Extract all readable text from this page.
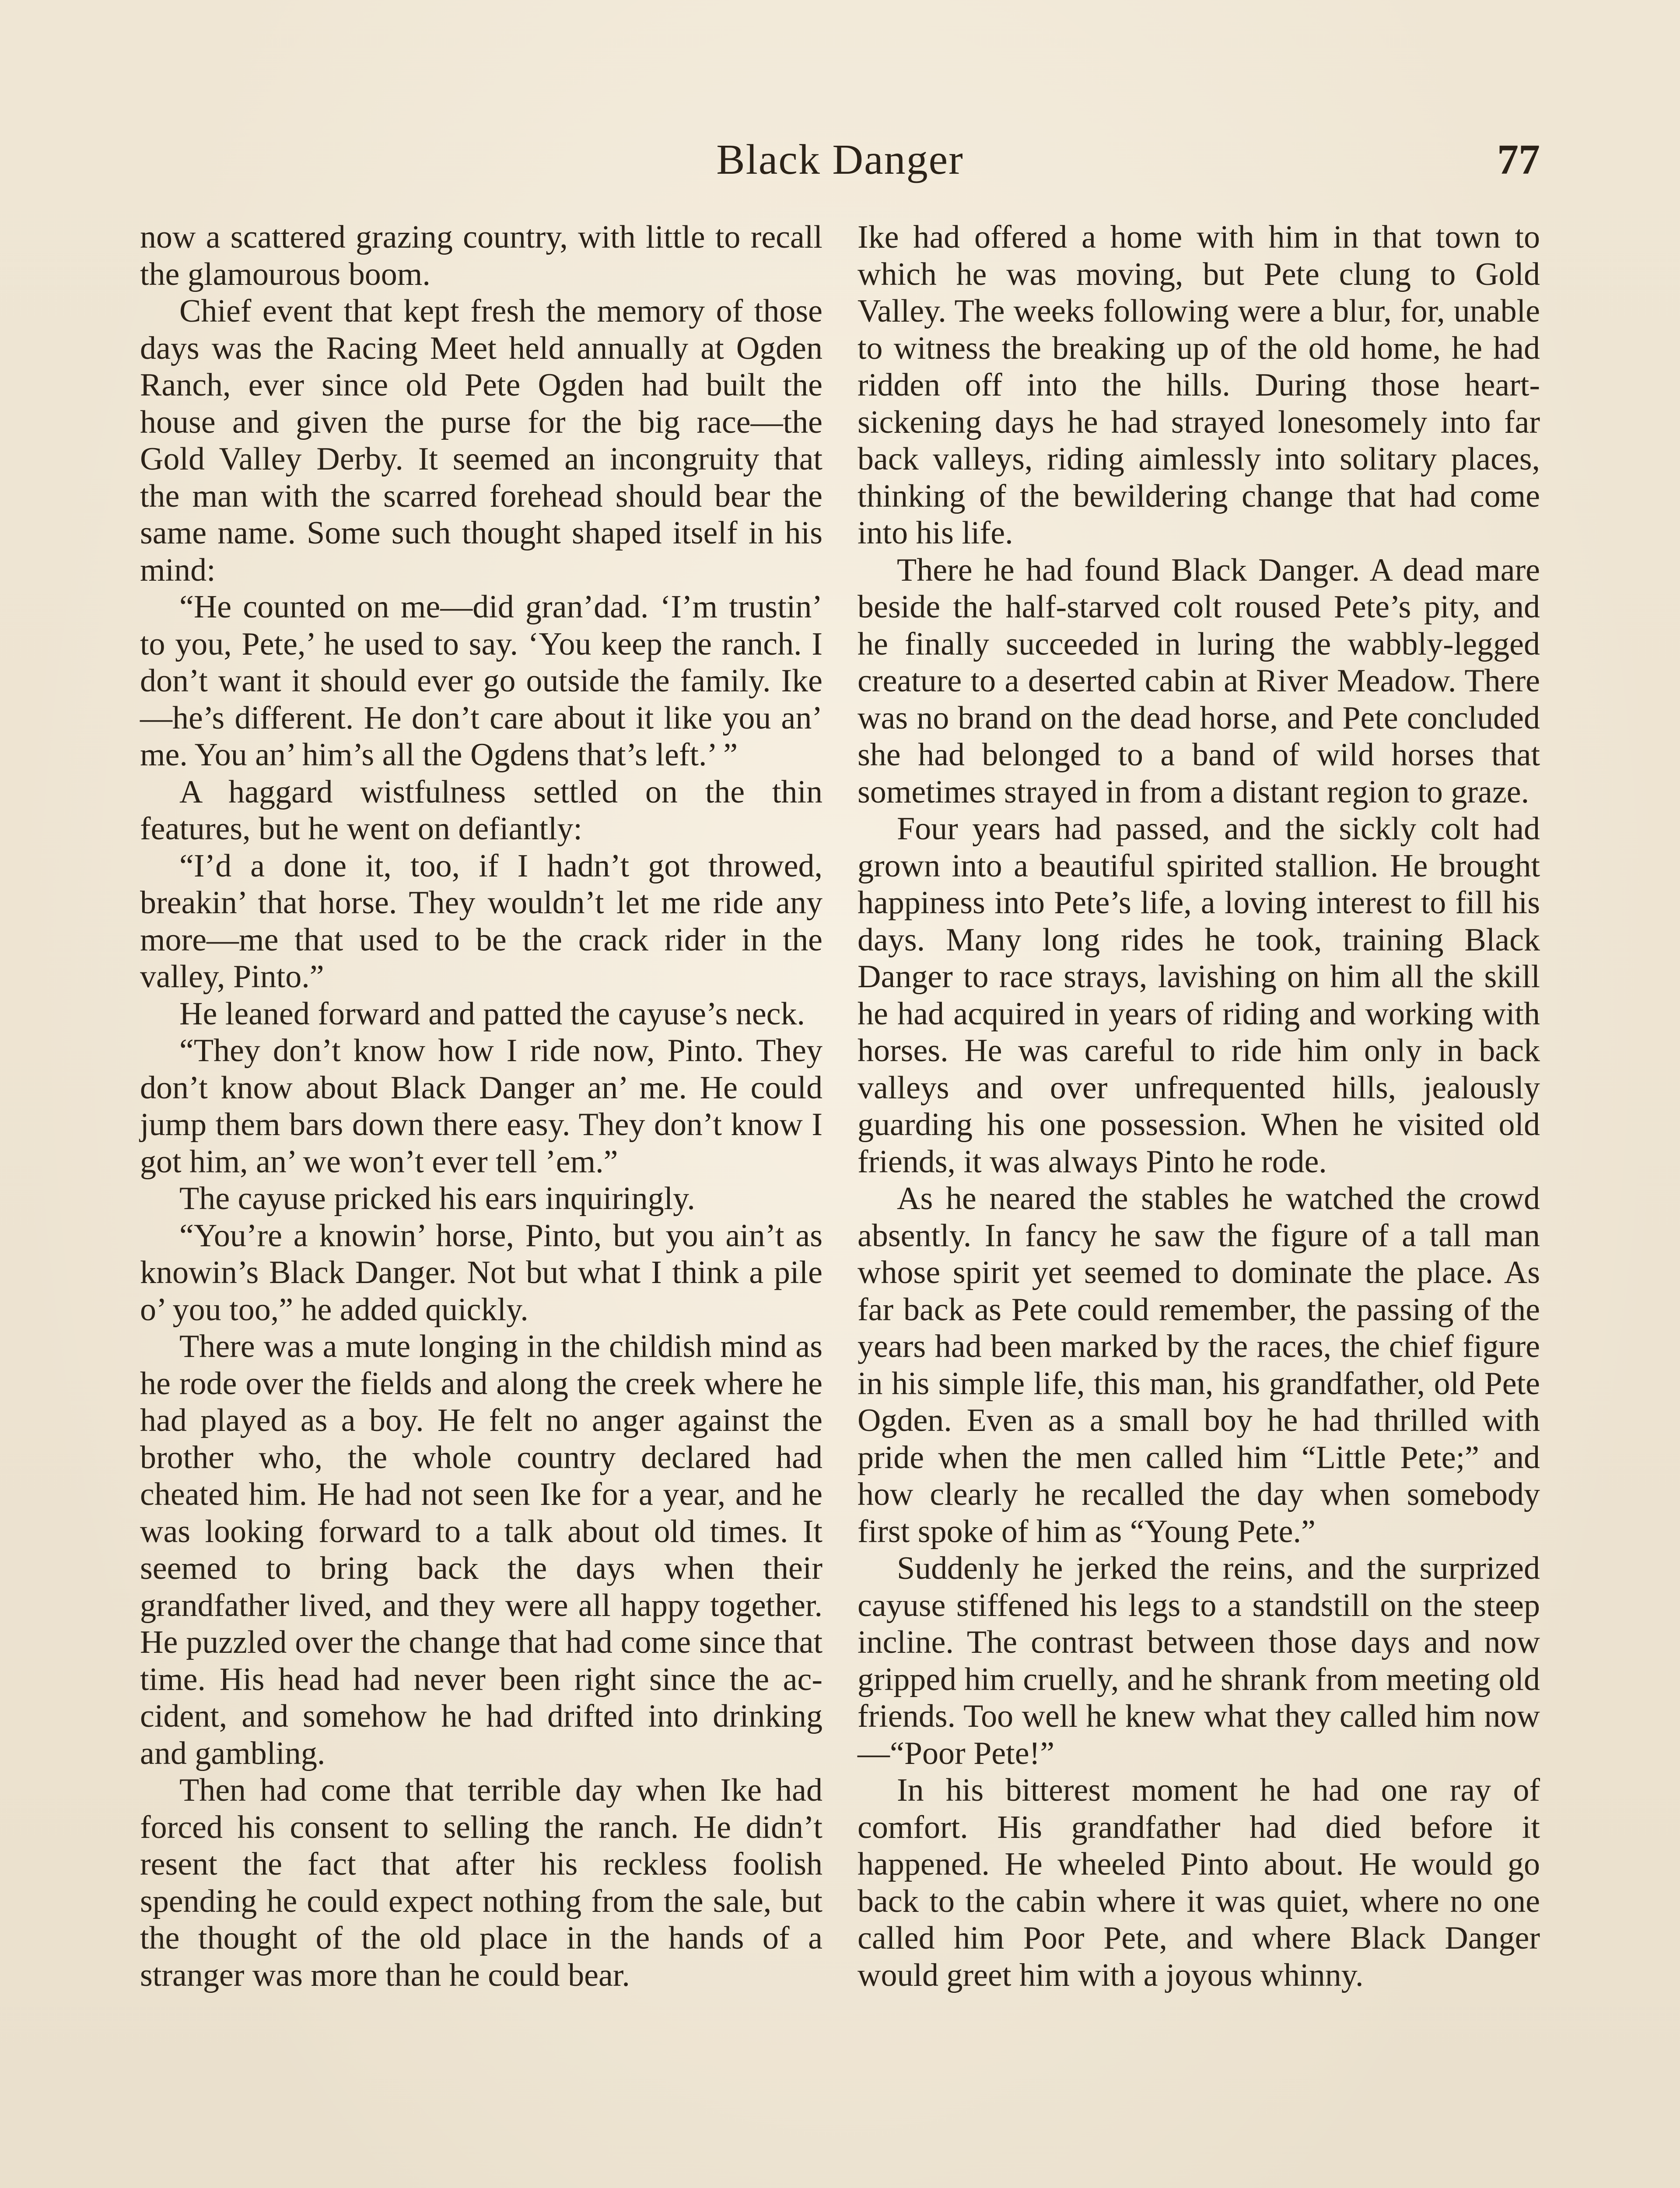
Black Danger	77

now a scattered grazing country, with little to recall the glamourous boom.

Chief event that kept fresh the memory of those days was the Racing Meet held annually at Ogden Ranch, ever since old Pete Ogden had built the house and given the purse for the big race—the Gold Valley Derby. It seemed an incongruity that the man with the scarred forehead should bear the same name. Some such thought shaped itself in his mind:

“He counted on me—did gran’dad. ‘I’m trustin’ to you, Pete,’ he used to say. ‘You keep the ranch. I don’t want it should ever go outside the family. Ike—he’s different. He don’t care about it like you an’ me. You an’ him’s all the Ogdens that’s left.’ ”

A haggard wistfulness settled on the thin features, but he went on defiantly:

“I’d a done it, too, if I hadn’t got throwed, breakin’ that horse. They wouldn’t let me ride any more—me that used to be the crack rider in the valley, Pinto.”

He leaned forward and patted the cayuse’s neck.

“They don’t know how I ride now, Pinto. They don’t know about Black Danger an’ me. He could jump them bars down there easy. They don’t know I got him, an’ we won’t ever tell ’em.”

The cayuse pricked his ears inquiringly.

“You’re a knowin’ horse, Pinto, but you ain’t as knowin’s Black Danger. Not but what I think a pile o’ you too,” he added quickly.

There was a mute longing in the childish mind as he rode over the fields and along the creek where he had played as a boy. He felt no anger against the brother who, the whole country declared had cheated him. He had not seen Ike for a year, and he was looking forward to a talk about old times. It seemed to bring back the days when their grandfather lived, and they were all happy together. He puzzled over the change that had come since that time. His head had never been right since the accident, and somehow he had drifted into drinking and gambling.

Then had come that terrible day when Ike had forced his consent to selling the ranch. He didn’t resent the fact that after his reckless foolish spending he could expect nothing from the sale, but the thought of the old place in the hands of a stranger was more than he could bear.

Ike had offered a home with him in that town to which he was moving, but Pete clung to Gold Valley. The weeks following were a blur, for, unable to witness the breaking up of the old home, he had ridden off into the hills. During those heart-sickening days he had strayed lonesomely into far back valleys, riding aimlessly into solitary places, thinking of the bewildering change that had come into his life.

There he had found Black Danger. A dead mare beside the half-starved colt roused Pete’s pity, and he finally succeeded in luring the wabbly-legged creature to a deserted cabin at River Meadow. There was no brand on the dead horse, and Pete concluded she had belonged to a band of wild horses that sometimes strayed in from a distant region to graze.

Four years had passed, and the sickly colt had grown into a beautiful spirited stallion. He brought happiness into Pete’s life, a loving interest to fill his days. Many long rides he took, training Black Danger to race strays, lavishing on him all the skill he had acquired in years of riding and working with horses. He was careful to ride him only in back valleys and over unfrequented hills, jealously guarding his one possession. When he visited old friends, it was always Pinto he rode.

As he neared the stables he watched the crowd absently. In fancy he saw the figure of a tall man whose spirit yet seemed to dominate the place. As far back as Pete could remember, the passing of the years had been marked by the races, the chief figure in his simple life, this man, his grandfather, old Pete Ogden. Even as a small boy he had thrilled with pride when the men called him “Little Pete;” and how clearly he recalled the day when somebody first spoke of him as “Young Pete.”

Suddenly he jerked the reins, and the surprized cayuse stiffened his legs to a standstill on the steep incline. The contrast between those days and now gripped him cruelly, and he shrank from meeting old friends. Too well he knew what they called him now—“Poor Pete!”

In his bitterest moment he had one ray of comfort. His grandfather had died before it happened. He wheeled Pinto about. He would go back to the cabin where it was quiet, where no one called him Poor Pete, and where Black Danger would greet him with a joyous whinny.
